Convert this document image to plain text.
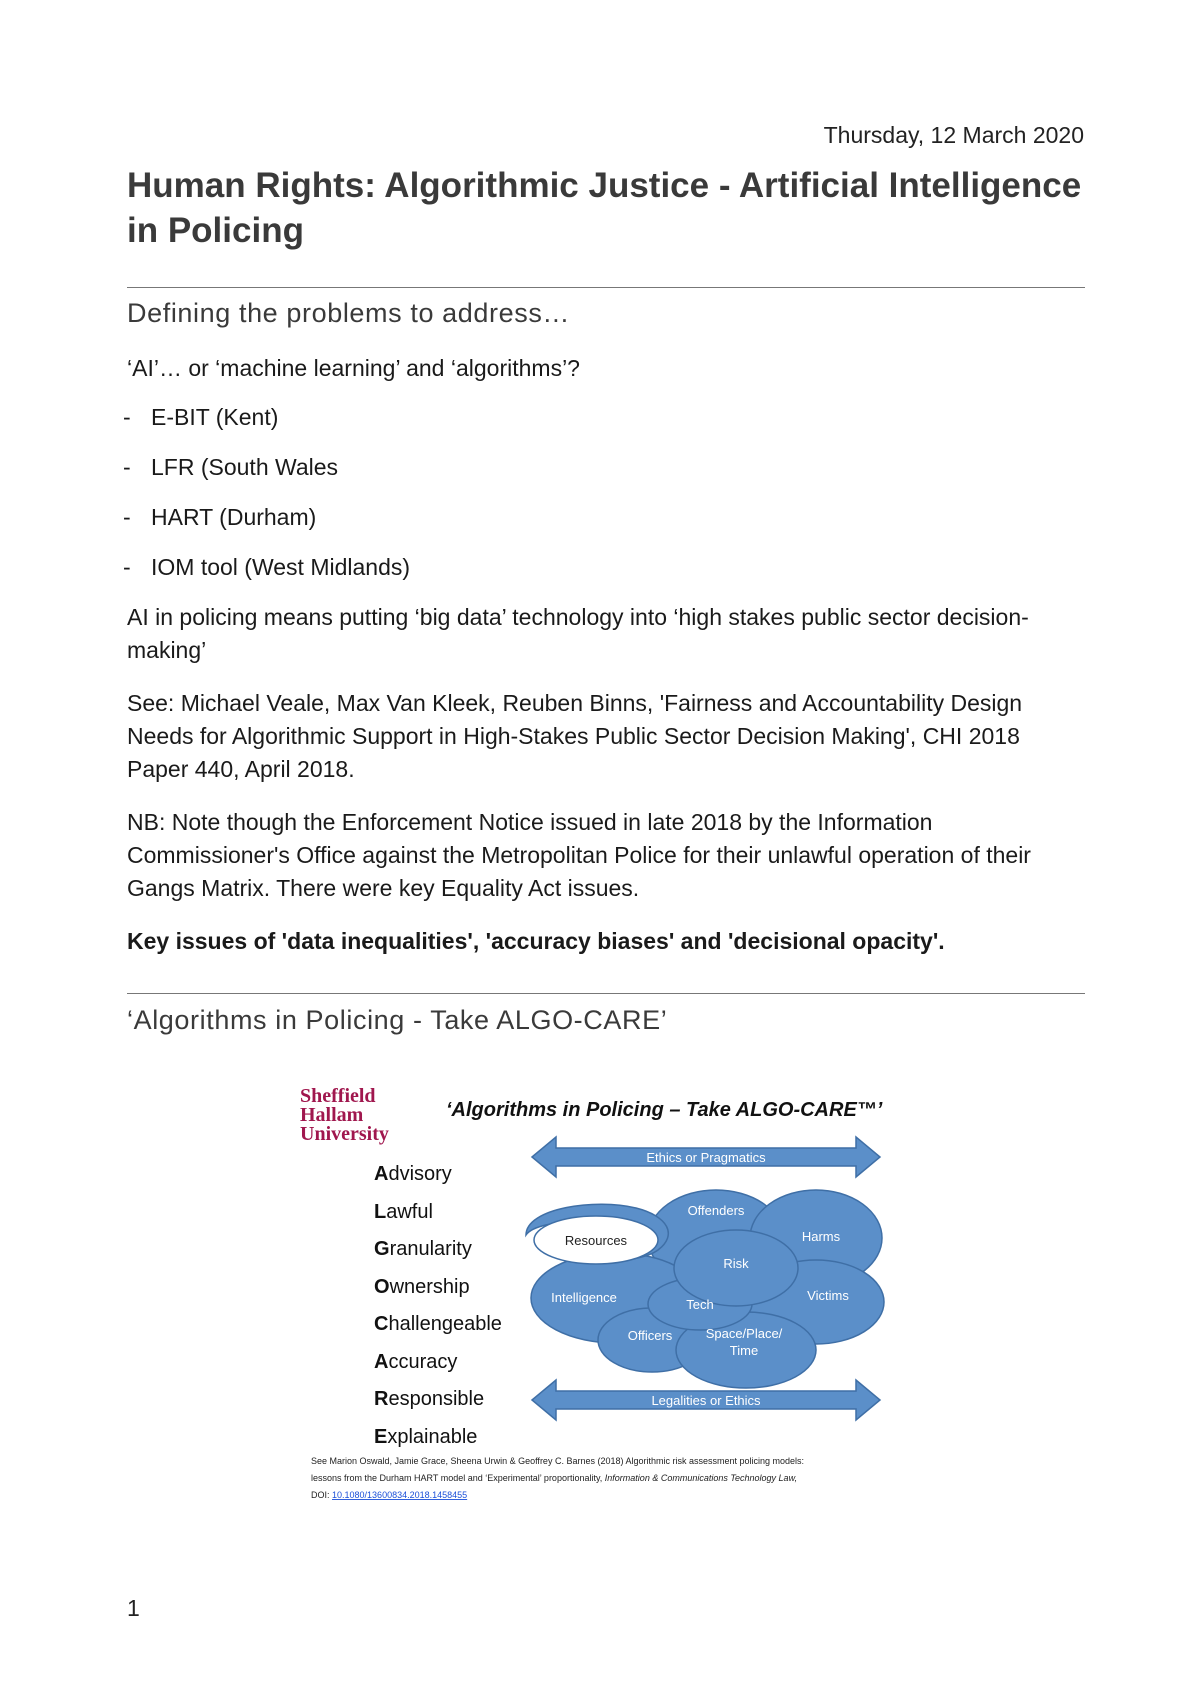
Thursday, 12 March 2020
Human Rights: Algorithmic Justice - Artificial Intelligence in Policing
Defining the problems to address…

‘AI’… or ‘machine learning’ and ‘algorithms’?

- E-BIT (Kent)
- LFR (South Wales
- HART (Durham)
- IOM tool (West Midlands)

AI in policing means putting ‘big data’ technology into ‘high stakes public sector decision-making’

See: Michael Veale, Max Van Kleek, Reuben Binns, 'Fairness and Accountability Design Needs for Algorithmic Support in High-Stakes Public Sector Decision Making', CHI 2018 Paper 440, April 2018.

NB: Note though the Enforcement Notice issued in late 2018 by the Information Commissioner's Office against the Metropolitan Police for their unlawful operation of their Gangs Matrix. There were key Equality Act issues.

Key issues of 'data inequalities', 'accuracy biases' and 'decisional opacity'.

‘Algorithms in Policing - Take ALGO-CARE’
Sheffield
Hallam
University
‘Algorithms in Policing – Take ALGO-CARE™’
Advisory
Lawful
Granularity
Ownership
Challengeable
Accuracy
Responsible
Explainable
Ethics or Pragmatics
Offenders
Harms
Resources
Risk
Intelligence	Tech
Victims
Officers	Space/Place/
Time
Legalities or Ethics
See Marion Oswald, Jamie Grace, Sheena Urwin & Geoffrey C. Barnes (2018) Algorithmic risk assessment policing models:
lessons from the Durham HART model and ‘Experimental’ proportionality, Information & Communications Technology Law,
DOI: 10.1080/13600834.2018.1458455
1
